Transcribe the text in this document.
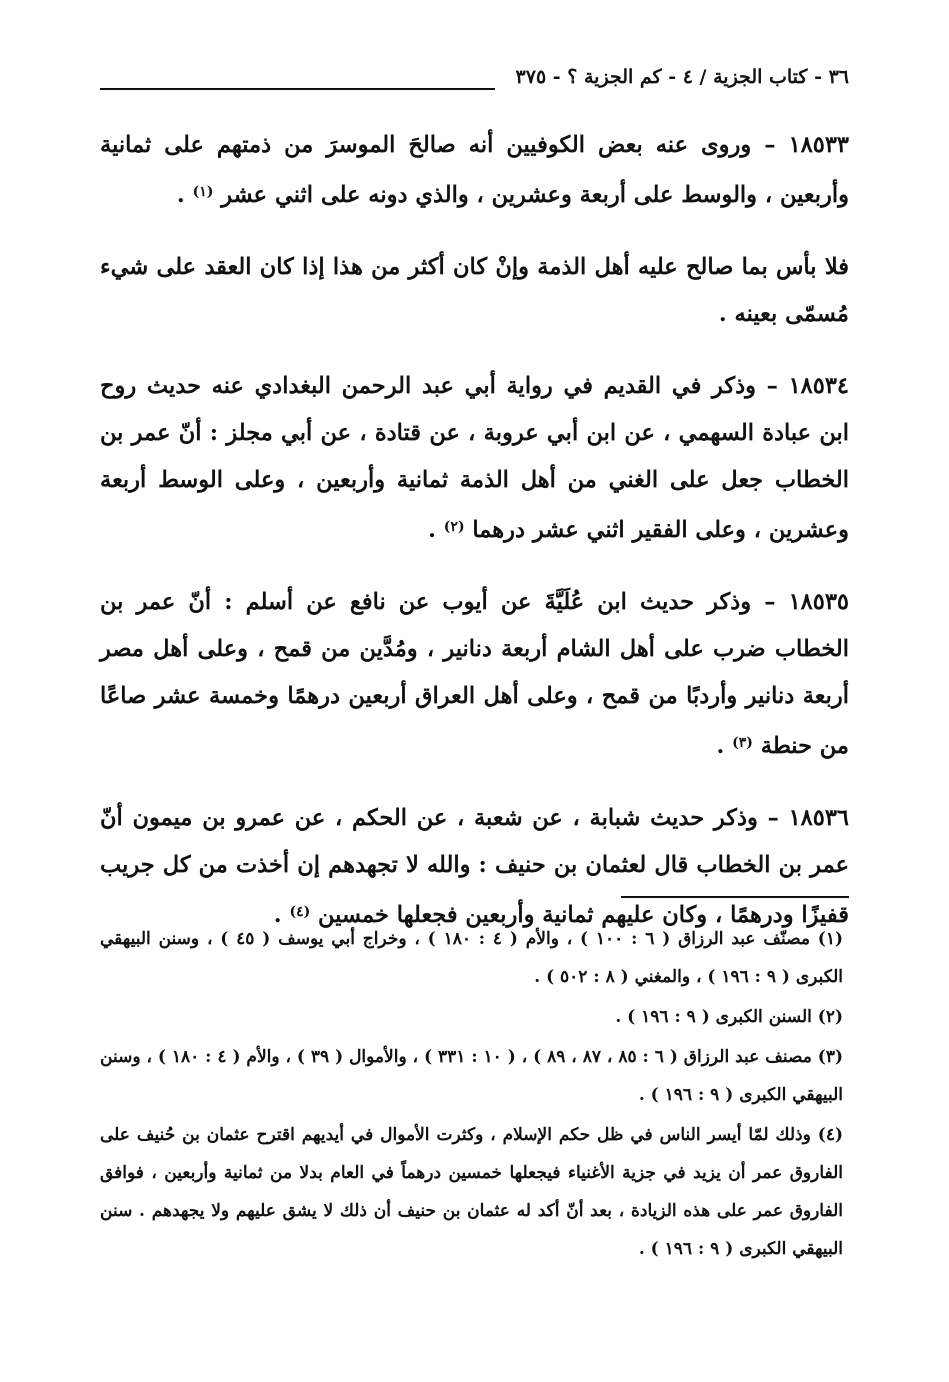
٣٦ - كتاب الجزية / ٤ - كم الجزية ؟ - ٣٧٥

١٨٥٣٣ – وروى عنه بعض الكوفيين أنه صالحَ الموسرَ من ذمتهم على ثمانية وأربعين ، والوسط على أربعة وعشرين ، والذي دونه على اثني عشر $^{(١)}$ .

فلا بأس بما صالح عليه أهل الذمة وإنْ كان أكثر من هذا إذا كان العقد على شيء مُسمّى بعينه .

١٨٥٣٤ – وذكر في القديم في رواية أبي عبد الرحمن البغدادي عنه حديث روح ابن عبادة السهمي ، عن ابن أبي عروبة ، عن قتادة ، عن أبي مجلز : أنّ عمر بن الخطاب جعل على الغني من أهل الذمة ثمانية وأربعين ، وعلى الوسط أربعة وعشرين ، وعلى الفقير اثني عشر درهما $^{(٢)}$ .

١٨٥٣٥ – وذكر حديث ابن عُلَيَّةَ عن أيوب عن نافع عن أسلم : أنّ عمر بن الخطاب ضرب على أهل الشام أربعة دنانير ، ومُدَّين من قمح ، وعلى أهل مصر أربعة دنانير وأردبًا من قمح ، وعلى أهل العراق أربعين درهمًا وخمسة عشر صاعًا من حنطة $^{(٣)}$ .

١٨٥٣٦ – وذكر حديث شبابة ، عن شعبة ، عن الحكم ، عن عمرو بن ميمون أنّ عمر بن الخطاب قال لعثمان بن حنيف : والله لا تجهدهم إن أخذت من كل جريب قفيزًا ودرهمًا ، وكان عليهم ثمانية وأربعين فجعلها خمسين $^{(٤)}$ .

(١) مصنّف عبد الرزاق ( ٦ : ١٠٠ ) ، والأم ( ٤ : ١٨٠ ) ، وخراج أبي يوسف ( ٤٥ ) ، وسنن البيهقي الكبرى ( ٩ : ١٩٦ ) ، والمغني ( ٨ : ٥٠٢ ) .

(٢) السنن الكبرى ( ٩ : ١٩٦ ) .

(٣) مصنف عبد الرزاق ( ٦ : ٨٥ ، ٨٧ ، ٨٩ ) ، ( ١٠ : ٣٣١ ) ، والأموال ( ٣٩ ) ، والأم ( ٤ : ١٨٠ ) ، وسنن البيهقي الكبرى ( ٩ : ١٩٦ ) .

(٤) وذلك لمّا أيسر الناس في ظل حكم الإسلام ، وكثرت الأموال في أيديهم اقترح عثمان بن حُنيف على الفاروق عمر أن يزيد في جزية الأغنياء فيجعلها خمسين درهماً في العام بدلا من ثمانية وأربعين ، فوافق الفاروق عمر على هذه الزيادة ، بعد أنّ أكد له عثمان بن حنيف أن ذلك لا يشق عليهم ولا يجهدهم . سنن البيهقي الكبرى ( ٩ : ١٩٦ ) .
